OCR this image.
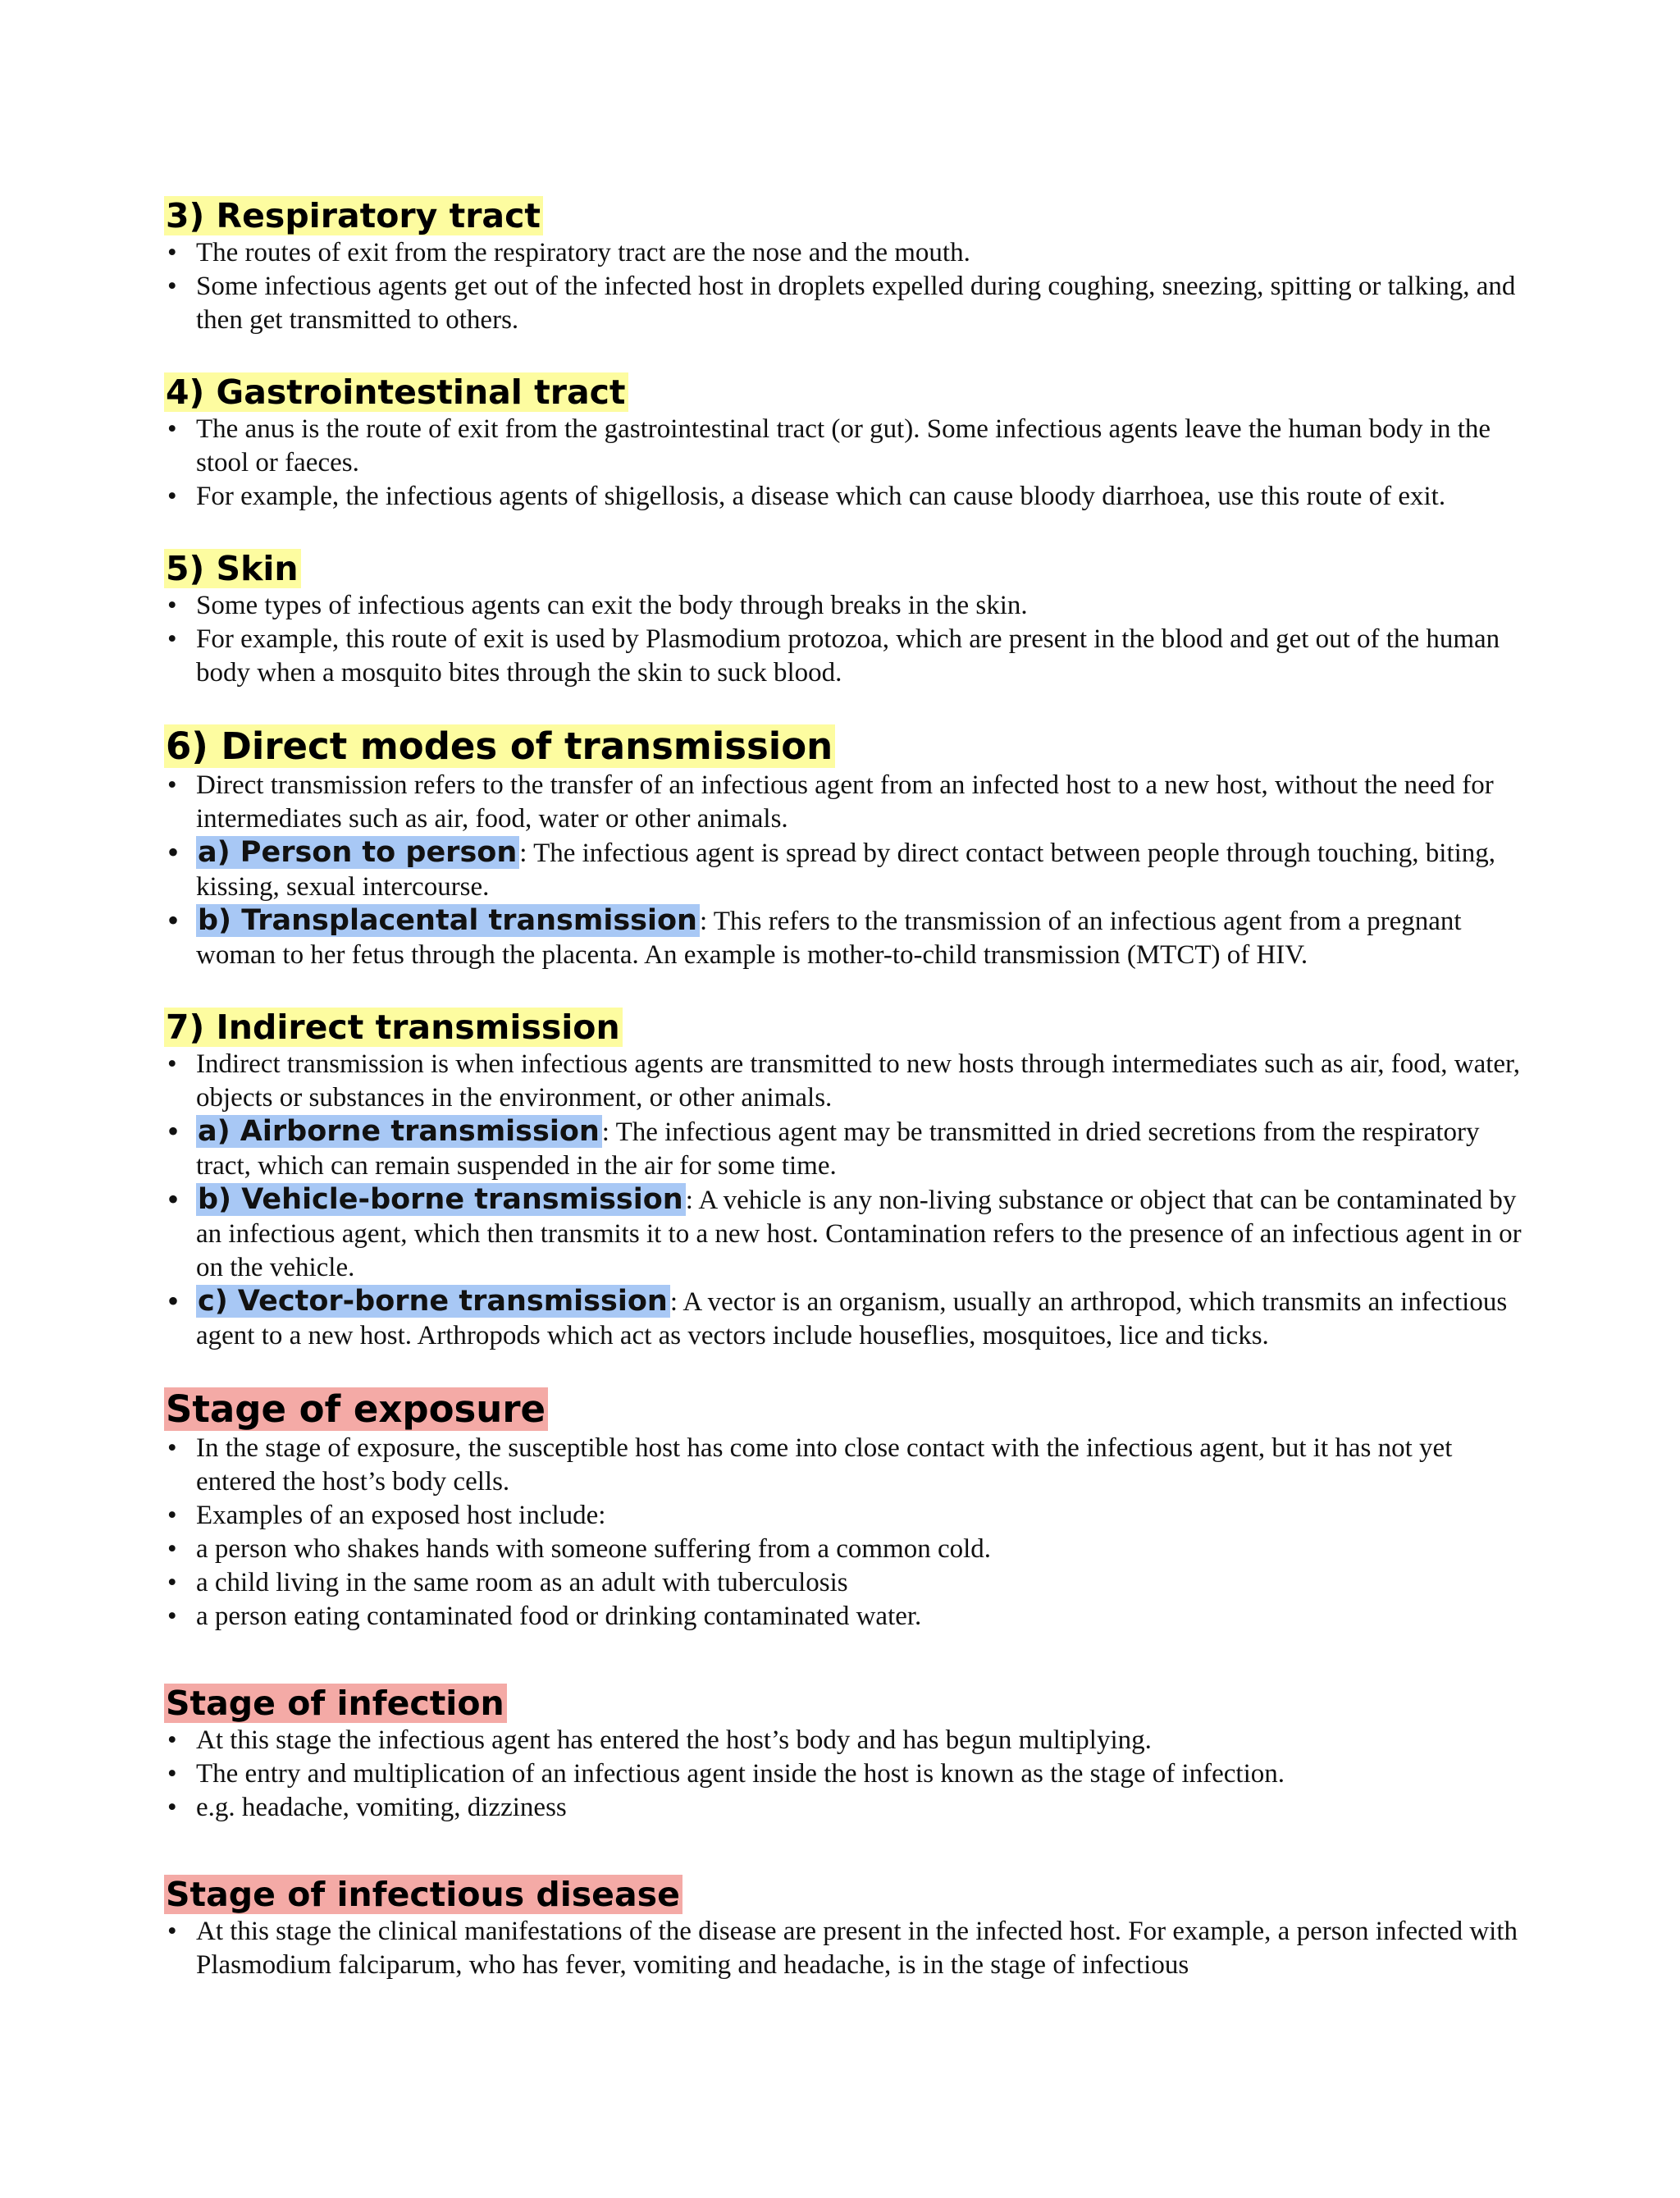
3) Respiratory tract
• The routes of exit from the respiratory tract are the nose and the mouth.
• Some infectious agents get out of the infected host in droplets expelled during coughing, sneezing, spitting or talking, and then get transmitted to others.
4) Gastrointestinal tract
• The anus is the route of exit from the gastrointestinal tract (or gut). Some infectious agents leave the human body in the stool or faeces.
• For example, the infectious agents of shigellosis, a disease which can cause bloody diarrhoea, use this route of exit.
5) Skin
• Some types of infectious agents can exit the body through breaks in the skin.
• For example, this route of exit is used by Plasmodium protozoa, which are present in the blood and get out of the human body when a mosquito bites through the skin to suck blood.
6) Direct modes of transmission
• Direct transmission refers to the transfer of an infectious agent from an infected host to a new host, without the need for intermediates such as air, food, water or other animals.
• a) Person to person: The infectious agent is spread by direct contact between people through touching, biting, kissing, sexual intercourse.
• b) Transplacental transmission: This refers to the transmission of an infectious agent from a pregnant woman to her fetus through the placenta. An example is mother-to-child transmission (MTCT) of HIV.
7) Indirect transmission
• Indirect transmission is when infectious agents are transmitted to new hosts through intermediates such as air, food, water, objects or substances in the environment, or other animals.
• a) Airborne transmission: The infectious agent may be transmitted in dried secretions from the respiratory tract, which can remain suspended in the air for some time.
• b) Vehicle-borne transmission: A vehicle is any non-living substance or object that can be contaminated by an infectious agent, which then transmits it to a new host. Contamination refers to the presence of an infectious agent in or on the vehicle.
• c) Vector-borne transmission: A vector is an organism, usually an arthropod, which transmits an infectious agent to a new host. Arthropods which act as vectors include houseflies, mosquitoes, lice and ticks.
Stage of exposure
• In the stage of exposure, the susceptible host has come into close contact with the infectious agent, but it has not yet entered the host’s body cells.
• Examples of an exposed host include:
• a person who shakes hands with someone suffering from a common cold.
• a child living in the same room as an adult with tuberculosis
• a person eating contaminated food or drinking contaminated water.
Stage of infection
• At this stage the infectious agent has entered the host’s body and has begun multiplying.
• The entry and multiplication of an infectious agent inside the host is known as the stage of infection.
• e.g. headache, vomiting, dizziness
Stage of infectious disease
• At this stage the clinical manifestations of the disease are present in the infected host. For example, a person infected with Plasmodium falciparum, who has fever, vomiting and headache, is in the stage of infectious
